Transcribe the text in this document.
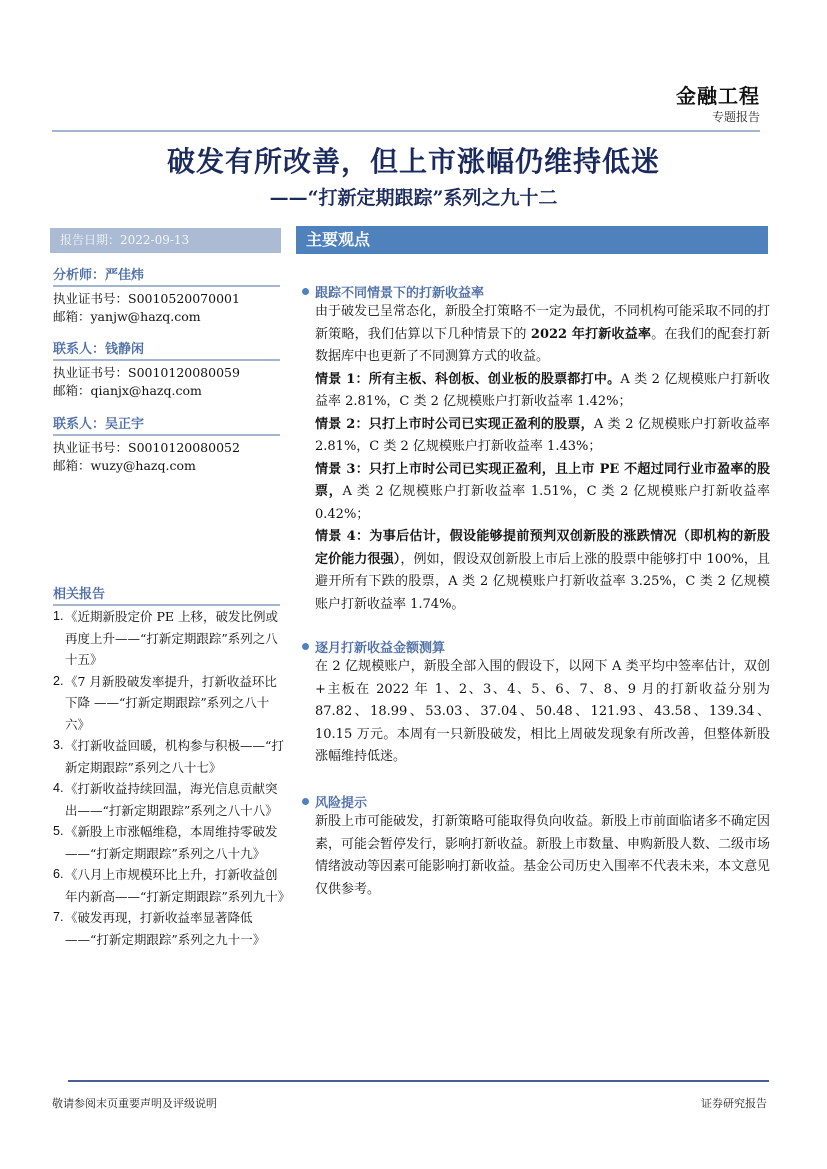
金融工程
专题报告
破发有所改善，但上市涨幅仍维持低迷
——“打新定期跟踪”系列之九十二
报告日期：2022-09-13	主要观点
分析师：严佳炜
执业证书号：S0010520070001
邮箱：yanjw@hazq.com
联系人：钱静闲
执业证书号：S0010120080059
邮箱：qianjx@hazq.com
联系人：吴正宇
执业证书号：S0010120080052
邮箱：wuzy@hazq.com
相关报告
1. 《近期新股定价 PE 上移，破发比例或再度上升——“打新定期跟踪”系列之八十五》
2. 《7 月新股破发率提升，打新收益环比下降 ——“打新定期跟踪”系列之八十六》
3. 《打新收益回暖，机构参与积极——“打新定期跟踪”系列之八十七》
4. 《打新收益持续回温，海光信息贡献突出——“打新定期跟踪”系列之八十八》
5. 《新股上市涨幅维稳，本周维持零破发——“打新定期跟踪”系列之八十九》
6. 《八月上市规模环比上升，打新收益创年内新高——“打新定期跟踪”系列九十》
7. 《破发再现，打新收益率显著降低——“打新定期跟踪”系列之九十一》
跟踪不同情景下的打新收益率
由于破发已呈常态化，新股全打策略不一定为最优，不同机构可能采取不同的打新策略，我们估算以下几种情景下的 2022 年打新收益率。在我们的配套打新数据库中也更新了不同测算方式的收益。
情景 1：所有主板、科创板、创业板的股票都打中。A 类 2 亿规模账户打新收益率 2.81%，C 类 2 亿规模账户打新收益率 1.42%；
情景 2：只打上市时公司已实现正盈利的股票，A 类 2 亿规模账户打新收益率 2.81%，C 类 2 亿规模账户打新收益率 1.43%；
情景 3：只打上市时公司已实现正盈利，且上市 PE 不超过同行业市盈率的股票，A 类 2 亿规模账户打新收益率 1.51%，C 类 2 亿规模账户打新收益率 0.42%；
情景 4：为事后估计，假设能够提前预判双创新股的涨跌情况（即机构的新股定价能力很强），例如，假设双创新股上市后上涨的股票中能够打中 100%，且避开所有下跌的股票，A 类 2 亿规模账户打新收益率 3.25%，C 类 2 亿规模账户打新收益率 1.74%。
逐月打新收益金额测算
在 2 亿规模账户，新股全部入围的假设下，以网下 A 类平均中签率估计，双创+主板在 2022 年 1、2、3、4、5、6、7、8、9 月的打新收益分别为 87.82、18.99、53.03、37.04、50.48、121.93、43.58、139.34、10.15 万元。本周有一只新股破发，相比上周破发现象有所改善，但整体新股涨幅维持低迷。
风险提示
新股上市可能破发，打新策略可能取得负向收益。新股上市前面临诸多不确定因素，可能会暂停发行，影响打新收益。新股上市数量、申购新股人数、二级市场情绪波动等因素可能影响打新收益。基金公司历史入围率不代表未来，本文意见仅供参考。
敬请参阅末页重要声明及评级说明	证券研究报告
